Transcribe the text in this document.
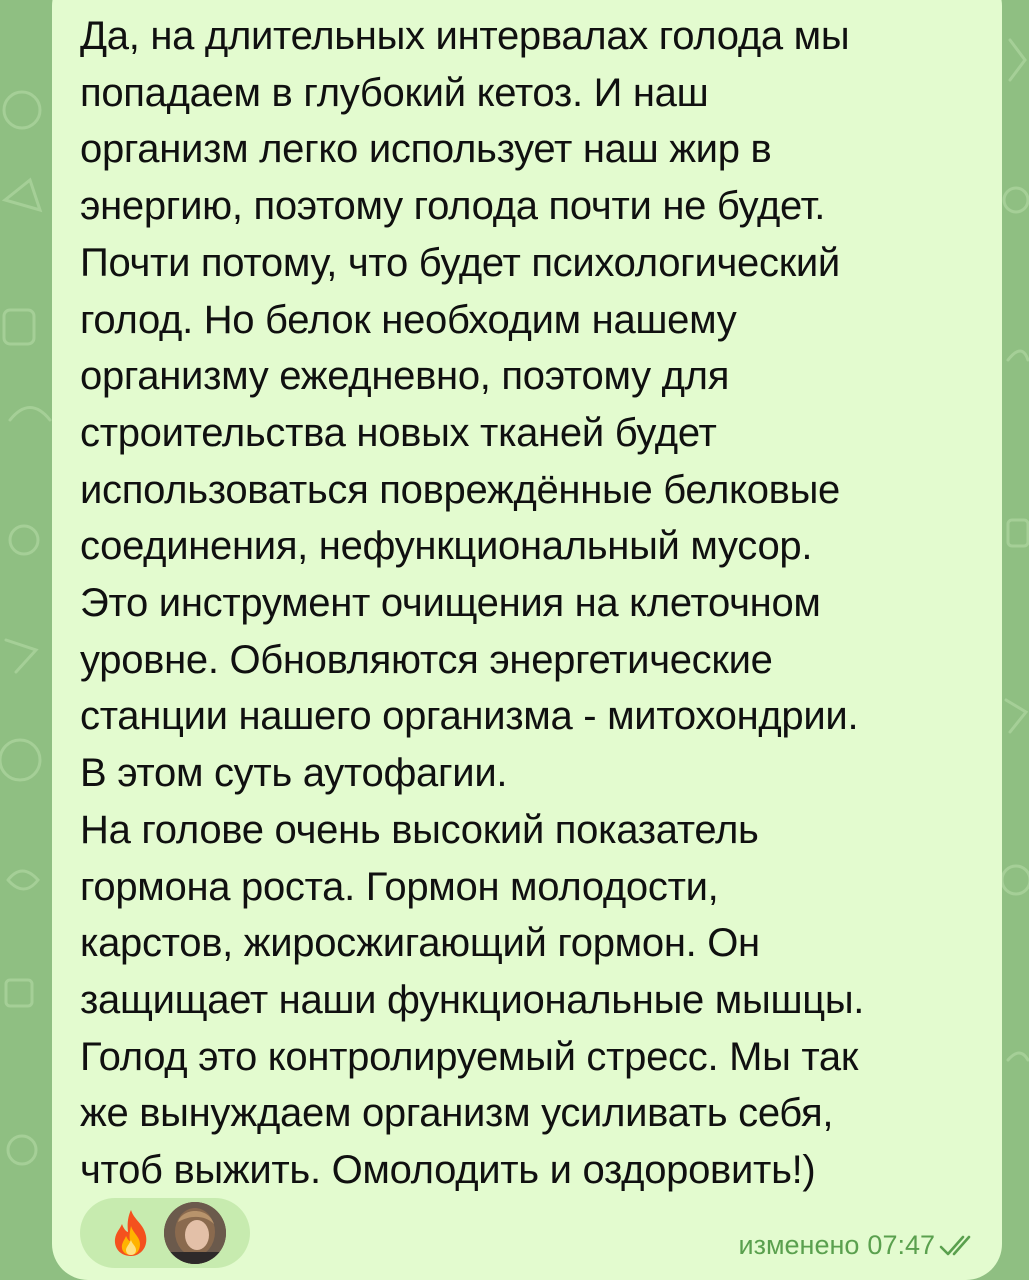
Да, на длительных интервалах голода мы
попадаем в глубокий кетоз. И наш
организм легко использует наш жир в
энергию, поэтому голода почти не будет.
Почти потому, что будет психологический
голод. Но белок необходим нашему
организму ежедневно, поэтому для
строительства новых тканей будет
использоваться повреждённые белковые
соединения, нефункциональный мусор.
Это инструмент очищения на клеточном
уровне. Обновляются энергетические
станции нашего организма - митохондрии.
В этом суть аутофагии.
На голове очень высокий показатель
гормона роста. Гормон молодости,
карстов, жиросжигающий гормон. Он
защищает наши функциональные мышцы.
Голод это контролируемый стресс. Мы так
же вынуждаем организм усиливать себя,
чтоб выжить. Омолодить и оздоровить!)

изменено 07:47
